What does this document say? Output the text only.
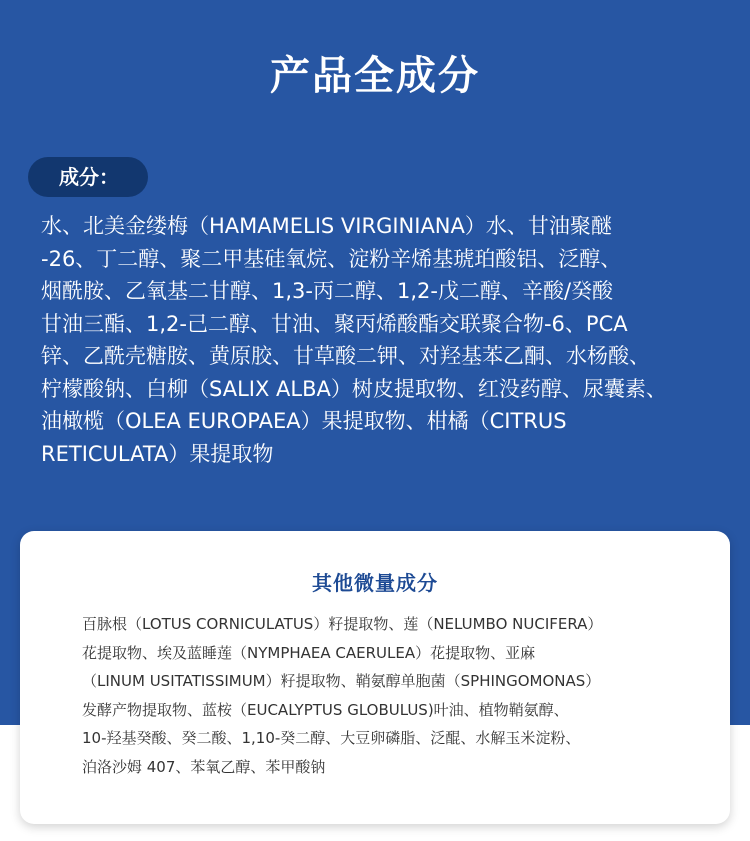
产品全成分
成分：
水、北美金缕梅（HAMAMELIS VIRGINIANA）水、甘油聚醚
-26、丁二醇、聚二甲基硅氧烷、淀粉辛烯基琥珀酸铝、泛醇、
烟酰胺、乙氧基二甘醇、1,3-丙二醇、1,2-戊二醇、辛酸/癸酸
甘油三酯、1,2-己二醇、甘油、聚丙烯酸酯交联聚合物-6、PCA
锌、乙酰壳糖胺、黄原胶、甘草酸二钾、对羟基苯乙酮、水杨酸、
柠檬酸钠、白柳（SALIX ALBA）树皮提取物、红没药醇、尿囊素、
油橄榄（OLEA EUROPAEA）果提取物、柑橘（CITRUS
RETICULATA）果提取物
其他微量成分
百脉根（LOTUS CORNICULATUS）籽提取物、莲（NELUMBO NUCIFERA）
花提取物、埃及蓝睡莲（NYMPHAEA CAERULEA）花提取物、亚麻
（LINUM USITATISSIMUM）籽提取物、鞘氨醇单胞菌（SPHINGOMONAS）
发酵产物提取物、蓝桉（EUCALYPTUS GLOBULUS)叶油、植物鞘氨醇、
10-羟基癸酸、癸二酸、1,10-癸二醇、大豆卵磷脂、泛醌、水解玉米淀粉、
泊洛沙姆 407、苯氧乙醇、苯甲酸钠
